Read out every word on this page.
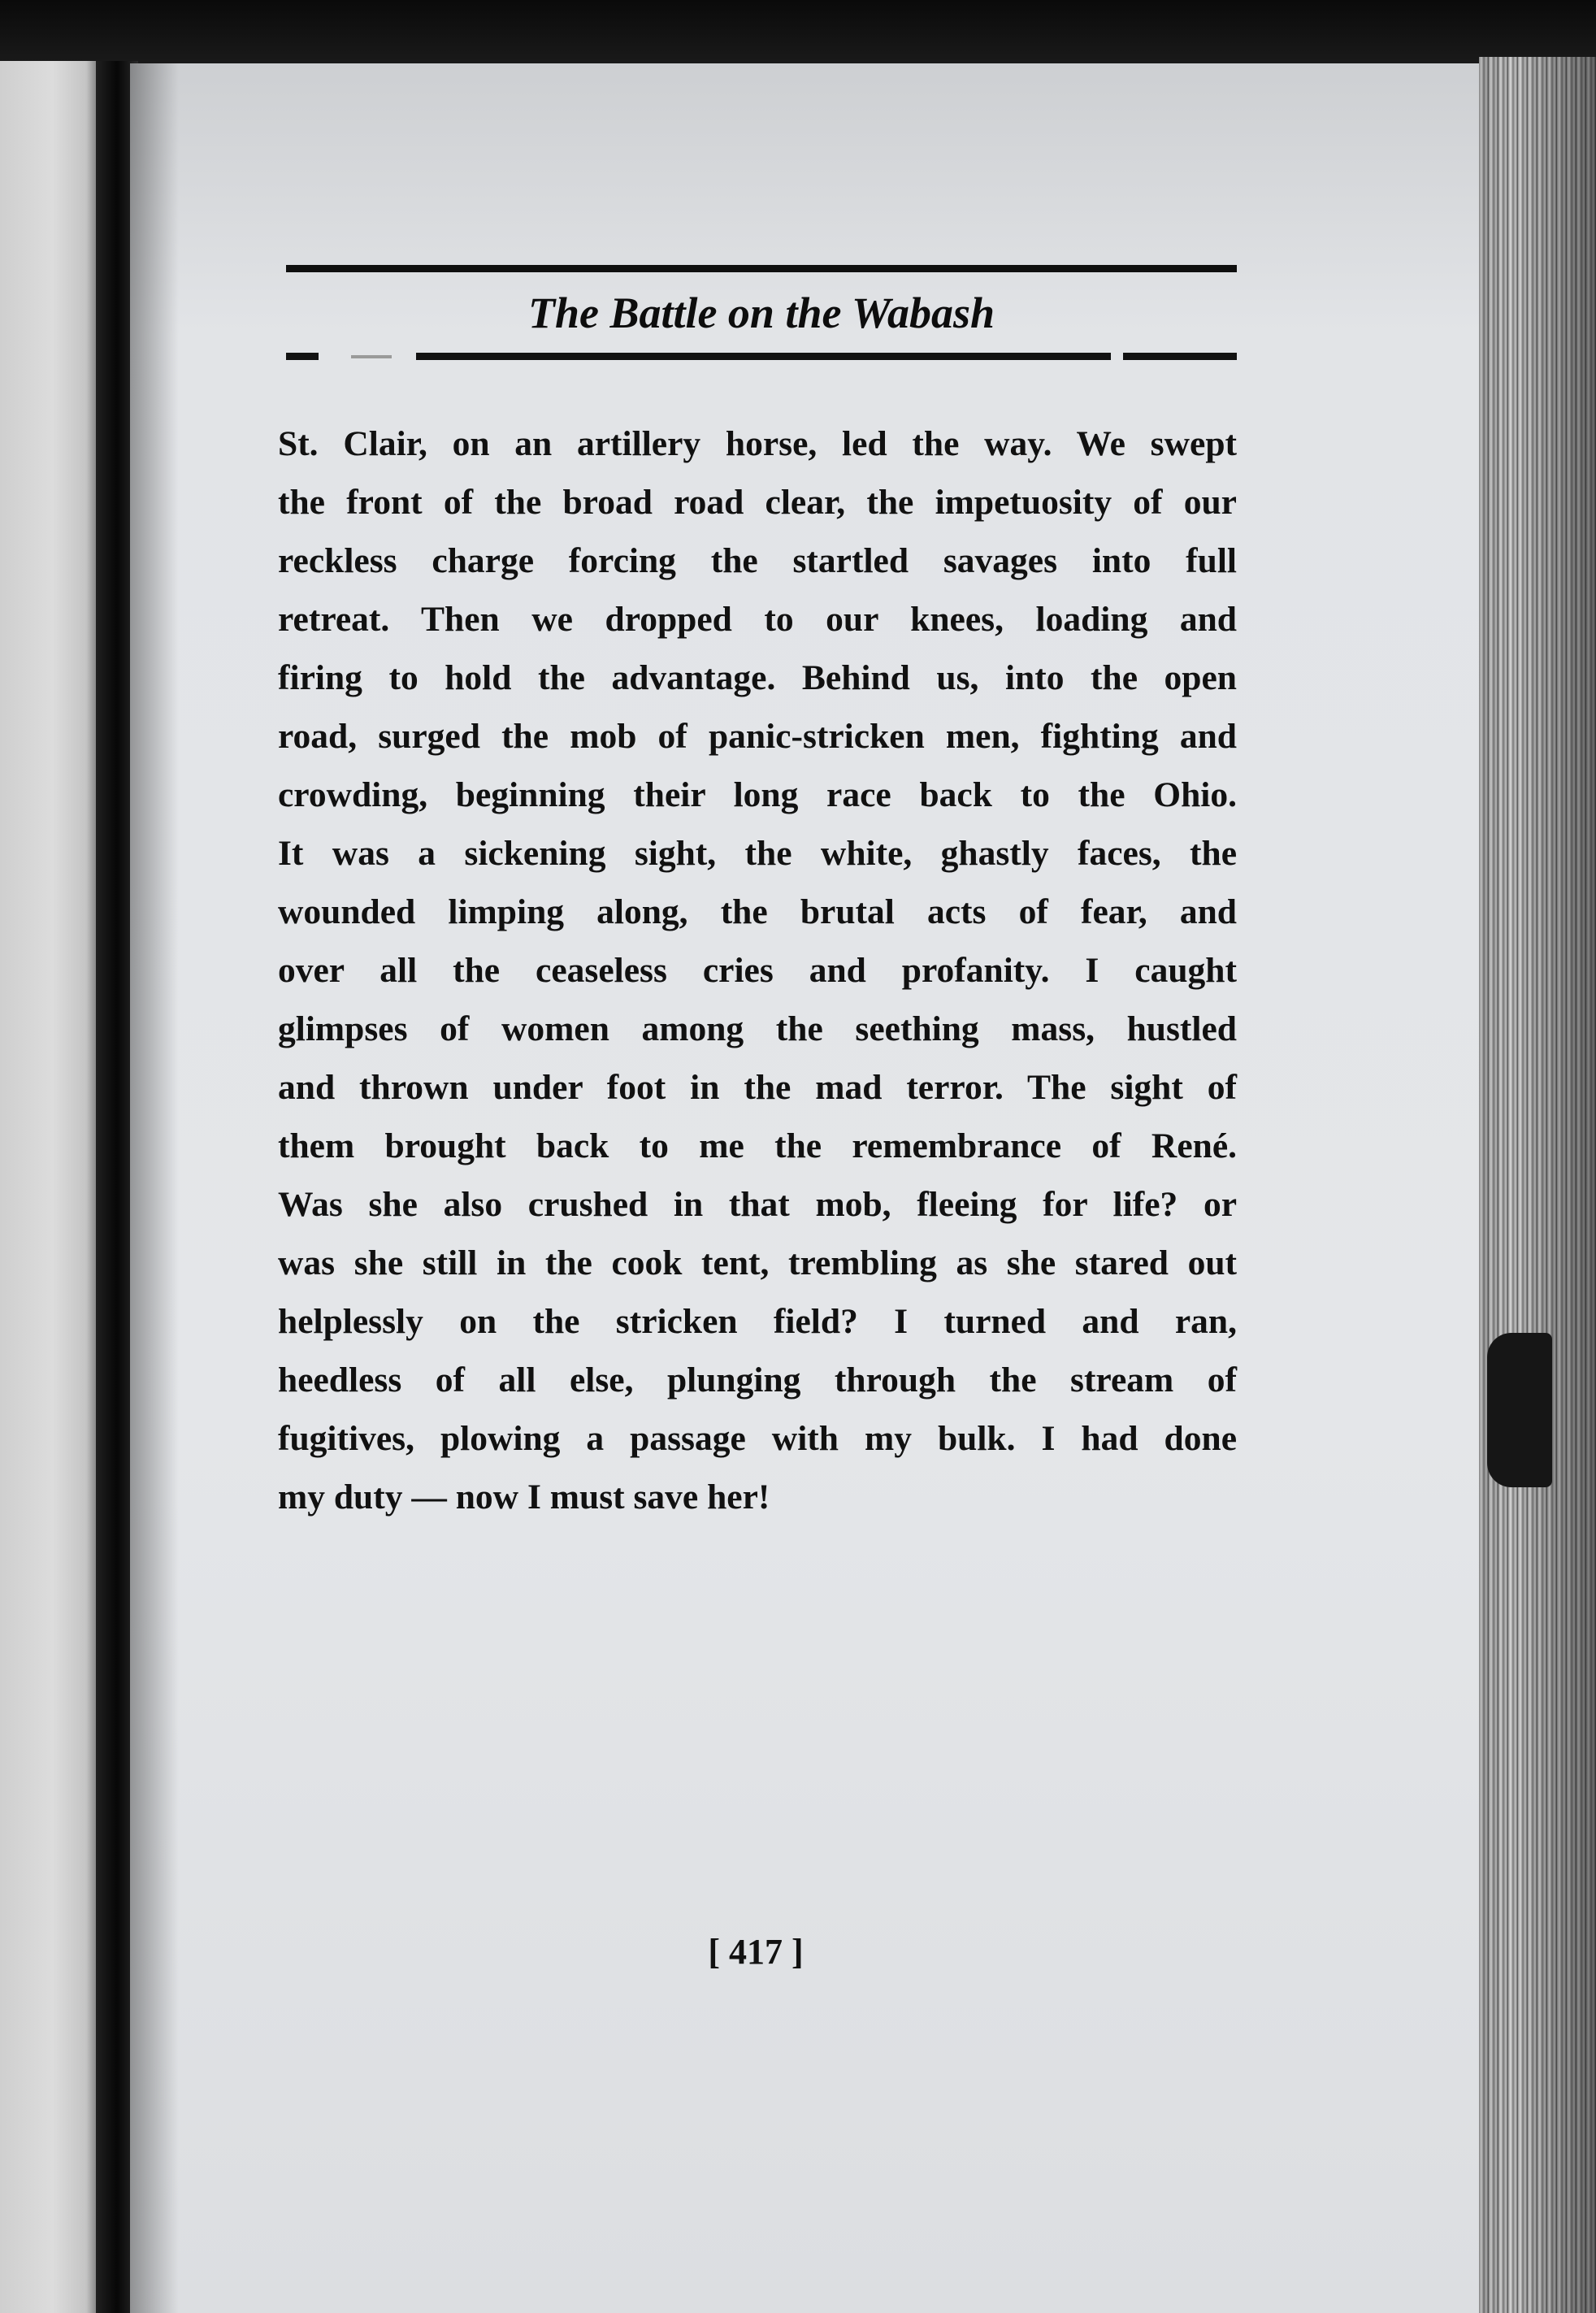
The Battle on the Wabash
St. Clair, on an artillery horse, led the way. We swept
the front of the broad road clear, the impetuosity of our
reckless charge forcing the startled savages into full
retreat. Then we dropped to our knees, loading and
firing to hold the advantage. Behind us, into the open
road, surged the mob of panic-stricken men, fighting and
crowding, beginning their long race back to the Ohio.
It was a sickening sight, the white, ghastly faces, the
wounded limping along, the brutal acts of fear, and
over all the ceaseless cries and profanity. I caught
glimpses of women among the seething mass, hustled
and thrown under foot in the mad terror. The sight of
them brought back to me the remembrance of René.
Was she also crushed in that mob, fleeing for life? or
was she still in the cook tent, trembling as she stared out
helplessly on the stricken field? I turned and ran,
heedless of all else, plunging through the stream of
fugitives, plowing a passage with my bulk. I had done
my duty — now I must save her!

[ 417 ]
